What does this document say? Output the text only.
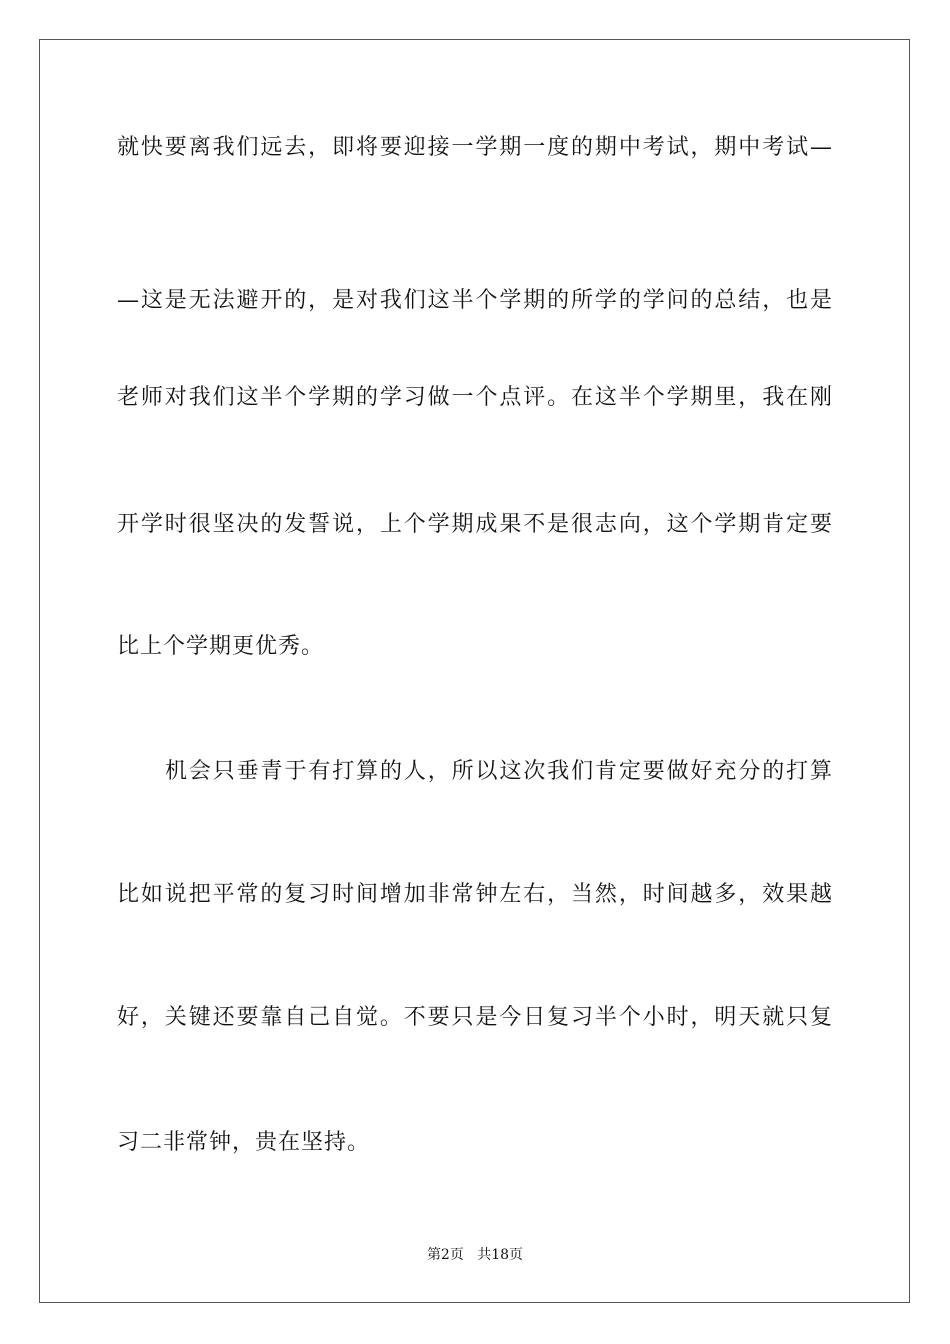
就快要离我们远去，即将要迎接一学期一度的期中考试，期中考试—
—这是无法避开的，是对我们这半个学期的所学的学问的总结，也是
老师对我们这半个学期的学习做一个点评。在这半个学期里，我在刚
开学时很坚决的发誓说，上个学期成果不是很志向，这个学期肯定要
比上个学期更优秀。
机会只垂青于有打算的人，所以这次我们肯定要做好充分的打算
比如说把平常的复习时间增加非常钟左右，当然，时间越多，效果越
好，关键还要靠自己自觉。不要只是今日复习半个小时，明天就只复
习二非常钟，贵在坚持。
第2页 共18页
